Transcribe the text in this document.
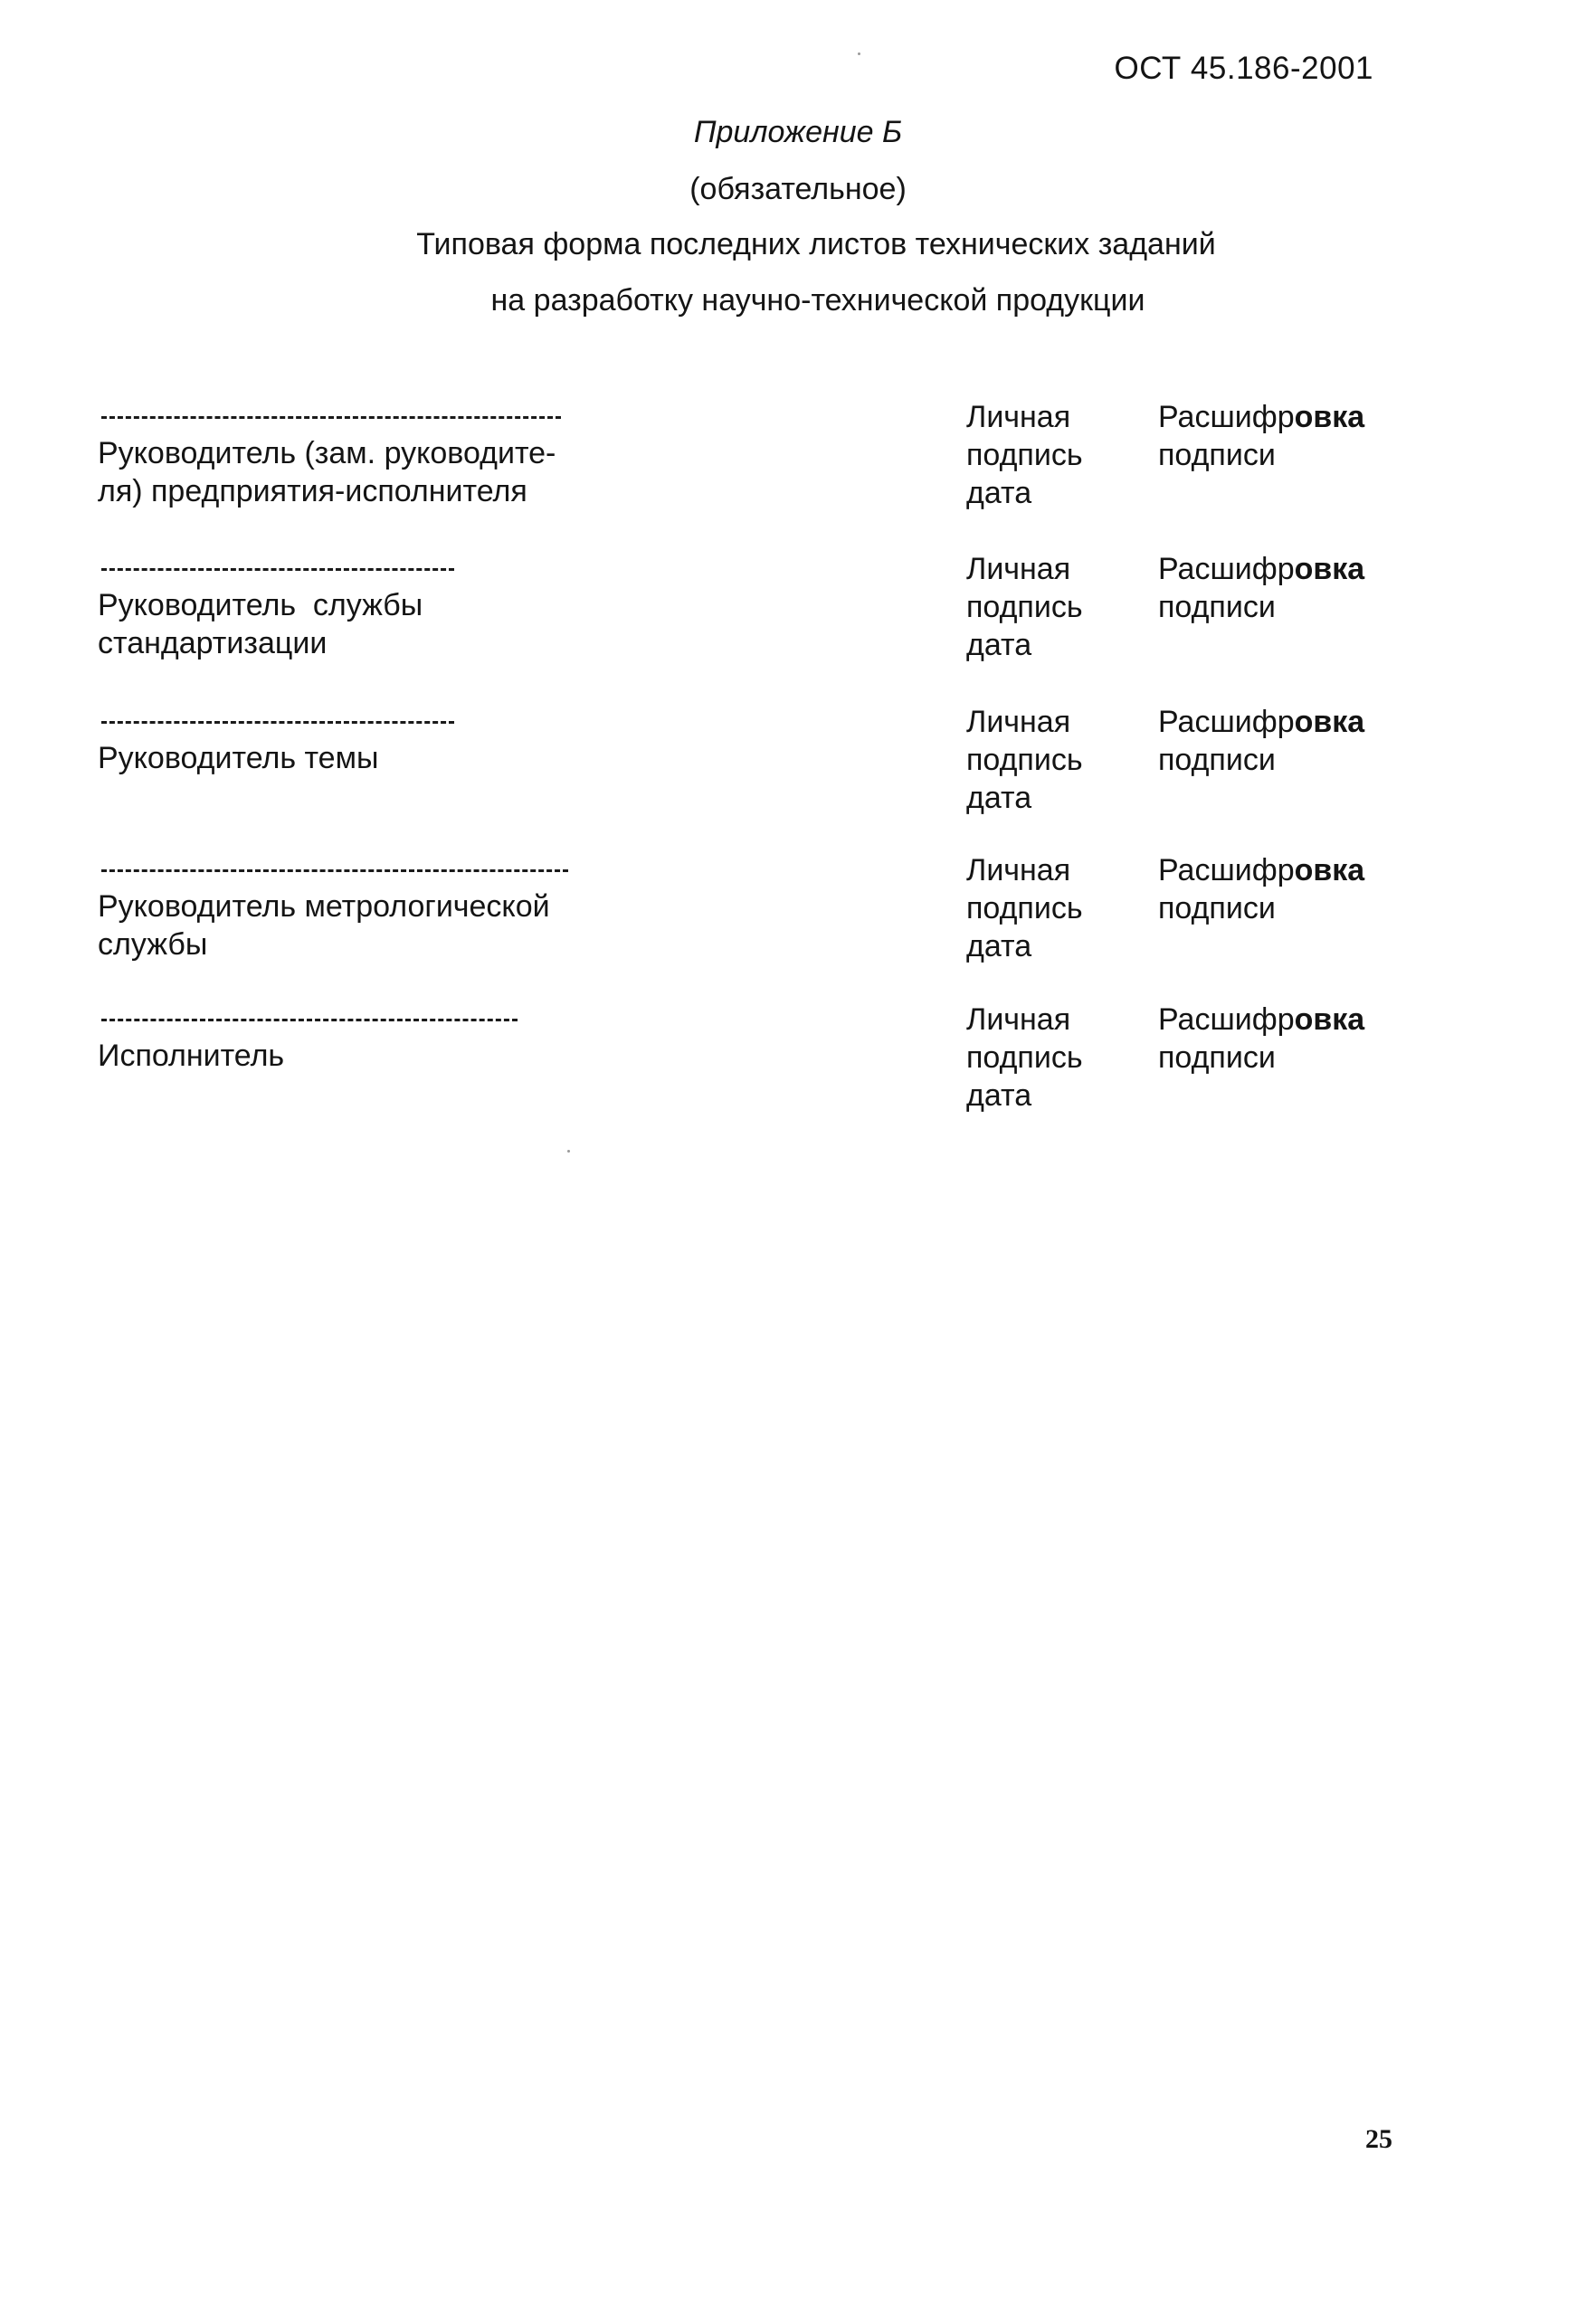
ОСТ 45.186-2001
Приложение Б
(обязательное)
Типовая форма последних листов технических заданий
на разработку научно-технической продукции
Руководитель (зам. руководите-
ля) предприятия-исполнителя
Личная
подпись
дата
Расшифровка
подписи
Руководитель  службы
стандартизации
Личная
подпись
дата
Расшифровка
подписи
Руководитель темы
Личная
подпись
дата
Расшифровка
подписи
Руководитель метрологической
службы
Личная
подпись
дата
Расшифровка
подписи
Исполнитель
Личная
подпись
дата
Расшифровка
подписи
25
